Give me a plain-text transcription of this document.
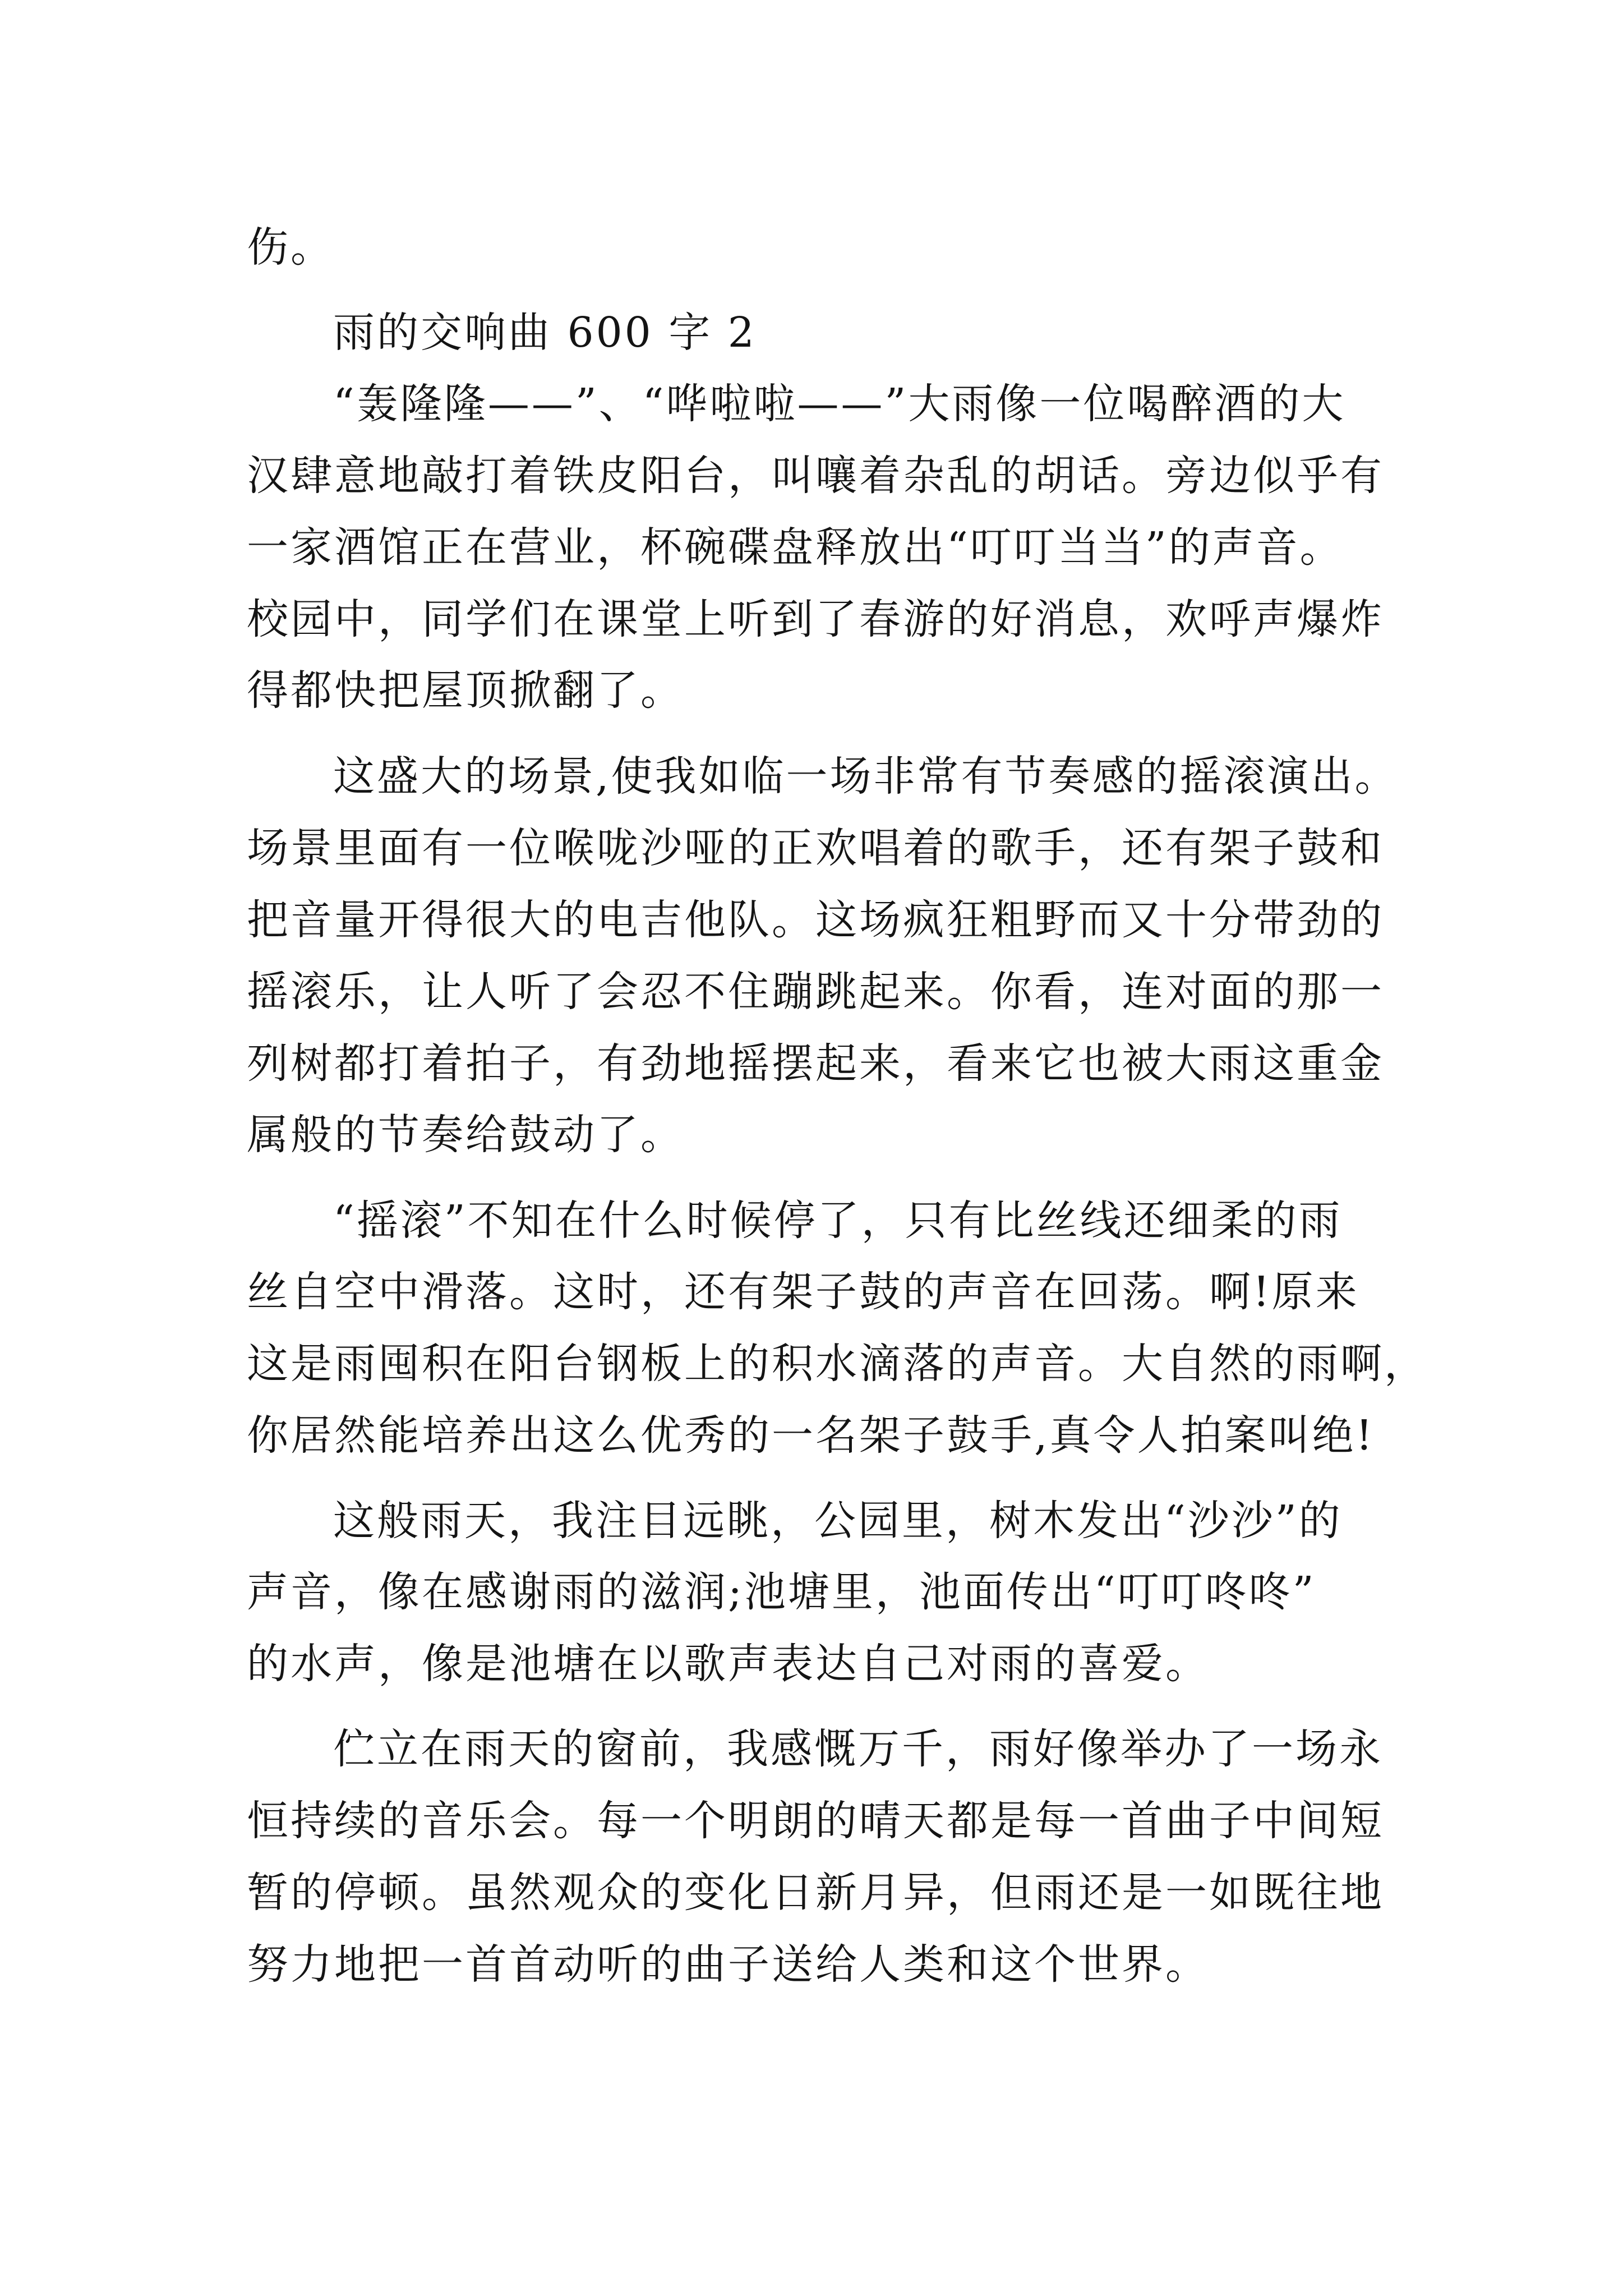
伤。

雨的交响曲 600 字 2

“轰隆隆——”、“哗啦啦——”大雨像一位喝醉酒的大

汉肆意地敲打着铁皮阳台，叫嚷着杂乱的胡话。旁边似乎有

一家酒馆正在营业，杯碗碟盘释放出“叮叮当当”的声音。

校园中，同学们在课堂上听到了春游的好消息，欢呼声爆炸

得都快把屋顶掀翻了。

这盛大的场景,使我如临一场非常有节奏感的摇滚演出。

场景里面有一位喉咙沙哑的正欢唱着的歌手，还有架子鼓和

把音量开得很大的电吉他队。这场疯狂粗野而又十分带劲的

摇滚乐，让人听了会忍不住蹦跳起来。你看，连对面的那一

列树都打着拍子，有劲地摇摆起来，看来它也被大雨这重金

属般的节奏给鼓动了。

“摇滚”不知在什么时候停了，只有比丝线还细柔的雨

丝自空中滑落。这时，还有架子鼓的声音在回荡。啊!原来

这是雨囤积在阳台钢板上的积水滴落的声音。大自然的雨啊，

你居然能培养出这么优秀的一名架子鼓手,真令人拍案叫绝!

这般雨天，我注目远眺，公园里，树木发出“沙沙”的

声音，像在感谢雨的滋润;池塘里，池面传出“叮叮咚咚”

的水声，像是池塘在以歌声表达自己对雨的喜爱。

伫立在雨天的窗前，我感慨万千，雨好像举办了一场永

恒持续的音乐会。每一个明朗的晴天都是每一首曲子中间短

暂的停顿。虽然观众的变化日新月异，但雨还是一如既往地

努力地把一首首动听的曲子送给人类和这个世界。
